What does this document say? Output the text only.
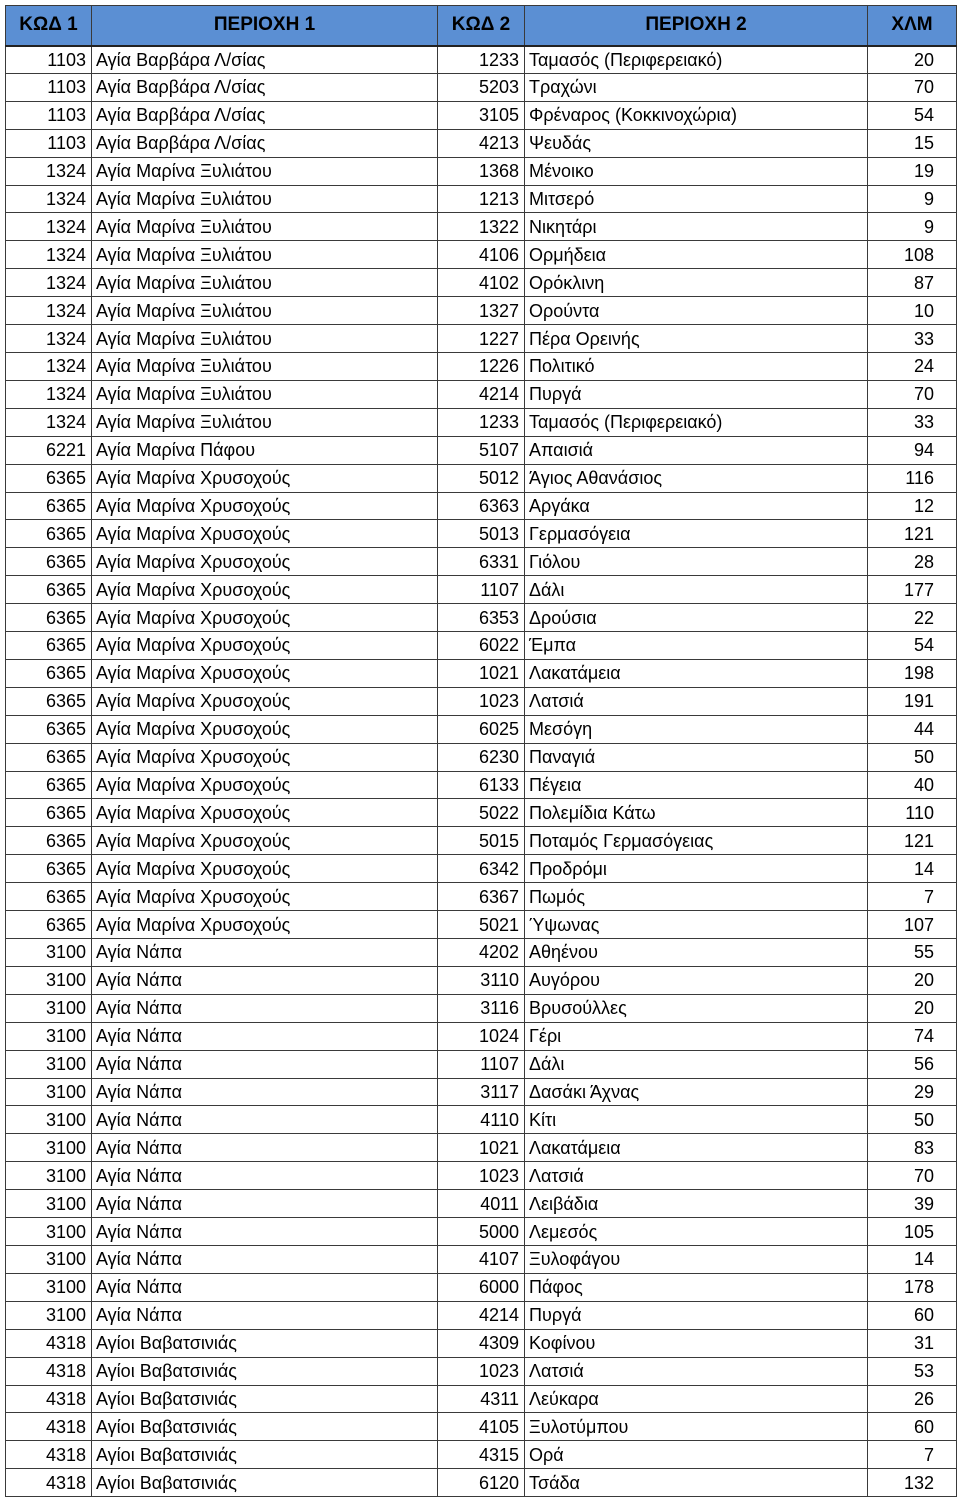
ΚΩΔ 1	ΠΕΡΙΟΧΗ 1	ΚΩΔ 2	ΠΕΡΙΟΧΗ 2	ΧΛΜ
1103	Αγία Βαρβάρα Λ/σίας	1233	Ταμασός (Περιφερειακό)	20
1103	Αγία Βαρβάρα Λ/σίας	5203	Τραχώνι	70
1103	Αγία Βαρβάρα Λ/σίας	3105	Φρέναρος (Κοκκινοχώρια)	54
1103	Αγία Βαρβάρα Λ/σίας	4213	Ψευδάς	15
1324	Αγία Μαρίνα Ξυλιάτου	1368	Μένοικο	19
1324	Αγία Μαρίνα Ξυλιάτου	1213	Μιτσερό	9
1324	Αγία Μαρίνα Ξυλιάτου	1322	Νικητάρι	9
1324	Αγία Μαρίνα Ξυλιάτου	4106	Ορμήδεια	108
1324	Αγία Μαρίνα Ξυλιάτου	4102	Ορόκλινη	87
1324	Αγία Μαρίνα Ξυλιάτου	1327	Ορούντα	10
1324	Αγία Μαρίνα Ξυλιάτου	1227	Πέρα Ορεινής	33
1324	Αγία Μαρίνα Ξυλιάτου	1226	Πολιτικό	24
1324	Αγία Μαρίνα Ξυλιάτου	4214	Πυργά	70
1324	Αγία Μαρίνα Ξυλιάτου	1233	Ταμασός (Περιφερειακό)	33
6221	Αγία Μαρίνα Πάφου	5107	Απαισιά	94
6365	Αγία Μαρίνα Χρυσοχούς	5012	Άγιος Αθανάσιος	116
6365	Αγία Μαρίνα Χρυσοχούς	6363	Αργάκα	12
6365	Αγία Μαρίνα Χρυσοχούς	5013	Γερμασόγεια	121
6365	Αγία Μαρίνα Χρυσοχούς	6331	Γιόλου	28
6365	Αγία Μαρίνα Χρυσοχούς	1107	Δάλι	177
6365	Αγία Μαρίνα Χρυσοχούς	6353	Δρούσια	22
6365	Αγία Μαρίνα Χρυσοχούς	6022	Έμπα	54
6365	Αγία Μαρίνα Χρυσοχούς	1021	Λακατάμεια	198
6365	Αγία Μαρίνα Χρυσοχούς	1023	Λατσιά	191
6365	Αγία Μαρίνα Χρυσοχούς	6025	Μεσόγη	44
6365	Αγία Μαρίνα Χρυσοχούς	6230	Παναγιά	50
6365	Αγία Μαρίνα Χρυσοχούς	6133	Πέγεια	40
6365	Αγία Μαρίνα Χρυσοχούς	5022	Πολεμίδια Κάτω	110
6365	Αγία Μαρίνα Χρυσοχούς	5015	Ποταμός Γερμασόγειας	121
6365	Αγία Μαρίνα Χρυσοχούς	6342	Προδρόμι	14
6365	Αγία Μαρίνα Χρυσοχούς	6367	Πωμός	7
6365	Αγία Μαρίνα Χρυσοχούς	5021	Ύψωνας	107
3100	Αγία Νάπα	4202	Αθηένου	55
3100	Αγία Νάπα	3110	Αυγόρου	20
3100	Αγία Νάπα	3116	Βρυσούλλες	20
3100	Αγία Νάπα	1024	Γέρι	74
3100	Αγία Νάπα	1107	Δάλι	56
3100	Αγία Νάπα	3117	Δασάκι Άχνας	29
3100	Αγία Νάπα	4110	Κίτι	50
3100	Αγία Νάπα	1021	Λακατάμεια	83
3100	Αγία Νάπα	1023	Λατσιά	70
3100	Αγία Νάπα	4011	Λειβάδια	39
3100	Αγία Νάπα	5000	Λεμεσός	105
3100	Αγία Νάπα	4107	Ξυλοφάγου	14
3100	Αγία Νάπα	6000	Πάφος	178
3100	Αγία Νάπα	4214	Πυργά	60
4318	Αγίοι Βαβατσινιάς	4309	Κοφίνου	31
4318	Αγίοι Βαβατσινιάς	1023	Λατσιά	53
4318	Αγίοι Βαβατσινιάς	4311	Λεύκαρα	26
4318	Αγίοι Βαβατσινιάς	4105	Ξυλοτύμπου	60
4318	Αγίοι Βαβατσινιάς	4315	Ορά	7
4318	Αγίοι Βαβατσινιάς	6120	Τσάδα	132
